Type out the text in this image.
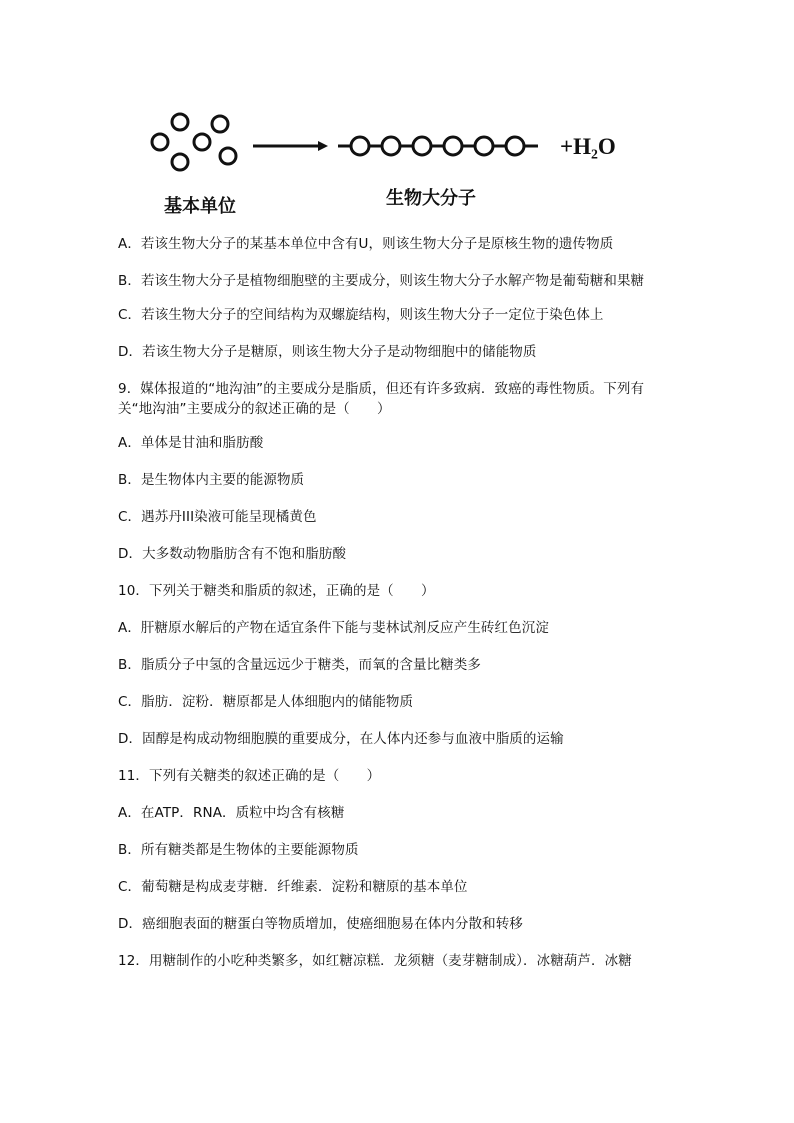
+H₂O
基本单位	生物大分子

A．若该生物大分子的某基本单位中含有U，则该生物大分子是原核生物的遗传物质

B．若该生物大分子是植物细胞壁的主要成分，则该生物大分子水解产物是葡萄糖和果糖

C．若该生物大分子的空间结构为双螺旋结构，则该生物大分子一定位于染色体上

D．若该生物大分子是糖原，则该生物大分子是动物细胞中的储能物质

9．媒体报道的“地沟油”的主要成分是脂质，但还有许多致病．致癌的毒性物质。下列有关“地沟油”主要成分的叙述正确的是（　　）

A．单体是甘油和脂肪酸

B．是生物体内主要的能源物质

C．遇苏丹III染液可能呈现橘黄色

D．大多数动物脂肪含有不饱和脂肪酸

10．下列关于糖类和脂质的叙述，正确的是（　　）

A．肝糖原水解后的产物在适宜条件下能与斐林试剂反应产生砖红色沉淀

B．脂质分子中氢的含量远远少于糖类，而氧的含量比糖类多

C．脂肪．淀粉．糖原都是人体细胞内的储能物质

D．固醇是构成动物细胞膜的重要成分，在人体内还参与血液中脂质的运输

11．下列有关糖类的叙述正确的是（　　）

A．在ATP．RNA．质粒中均含有核糖

B．所有糖类都是生物体的主要能源物质

C．葡萄糖是构成麦芽糖．纤维素．淀粉和糖原的基本单位

D．癌细胞表面的糖蛋白等物质增加，使癌细胞易在体内分散和转移

12．用糖制作的小吃种类繁多，如红糖凉糕．龙须糖（麦芽糖制成）．冰糖葫芦．冰糖
